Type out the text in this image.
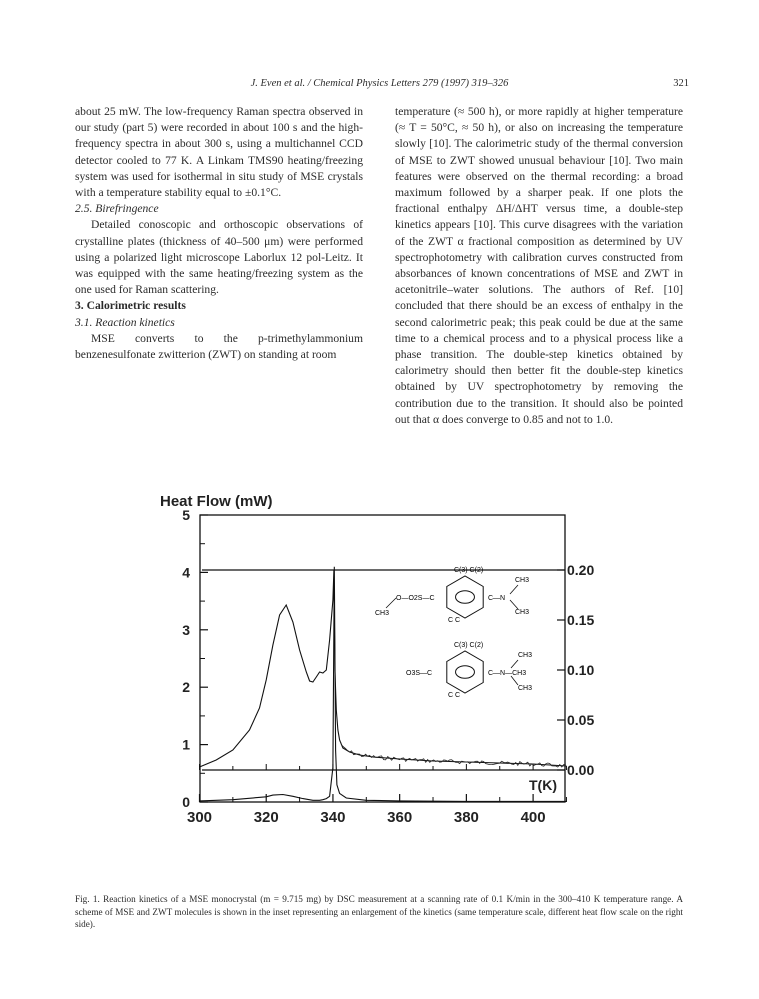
J. Even et al. / Chemical Physics Letters 279 (1997) 319–326	321

about 25 mW. The low-frequency Raman spectra observed in our study (part 5) were recorded in about 100 s and the high-frequency spectra in about 300 s, using a multichannel CCD detector cooled to 77 K. A Linkam TMS90 heating/freezing system was used for isothermal in situ study of MSE crystals with a temperature stability equal to ±0.1°C.

2.5. Birefringence

Detailed conoscopic and orthoscopic observations of crystalline plates (thickness of 40–500 μm) were performed using a polarized light microscope Laborlux 12 pol-Leitz. It was equipped with the same heating/freezing system as the one used for Raman scattering.

3. Calorimetric results

3.1. Reaction kinetics

MSE converts to the p-trimethylammonium benzenesulfonate zwitterion (ZWT) on standing at room

temperature (≈ 500 h), or more rapidly at higher temperature (≈ T = 50°C, ≈ 50 h), or also on increasing the temperature slowly [10]. The calorimetric study of the thermal conversion of MSE to ZWT showed unusual behaviour [10]. Two main features were observed on the thermal recording: a broad maximum followed by a sharper peak. If one plots the fractional enthalpy ΔH/ΔHT versus time, a double-step kinetics appears [10]. This curve disagrees with the variation of the ZWT α fractional composition as determined by UV spectrophotometry with calibration curves constructed from absorbances of known concentrations of MSE and ZWT in acetonitrile–water solutions. The authors of Ref. [10] concluded that there should be an excess of enthalpy in the second calorimetric peak; this peak could be due at the same time to a chemical process and to a physical process like a phase transition. The double-step kinetics obtained by calorimetry should then better fit the double-step kinetics obtained by UV spectrophotometry by removing the contribution due to the transition. It should also be pointed out that α does converge to 0.85 and not to 1.0.

Heat Flow (mW)
0
1
2
3
4
5
300	320	340	360	380	400
T(K)
0.00
0.05
0.10
0.15
0.20
C(3) C(2)
C C
O—O2S—C
CH3
C—N
CH3
CH3
C(3) C(2)
C C
O3S—C	C—N—CH3
CH3
CH3
Fig. 1. Reaction kinetics of a MSE monocrystal (m = 9.715 mg) by DSC measurement at a scanning rate of 0.1 K/min in the 300–410 K temperature range. A scheme of MSE and ZWT molecules is shown in the inset representing an enlargement of the kinetics (same temperature scale, different heat flow scale on the right side).
